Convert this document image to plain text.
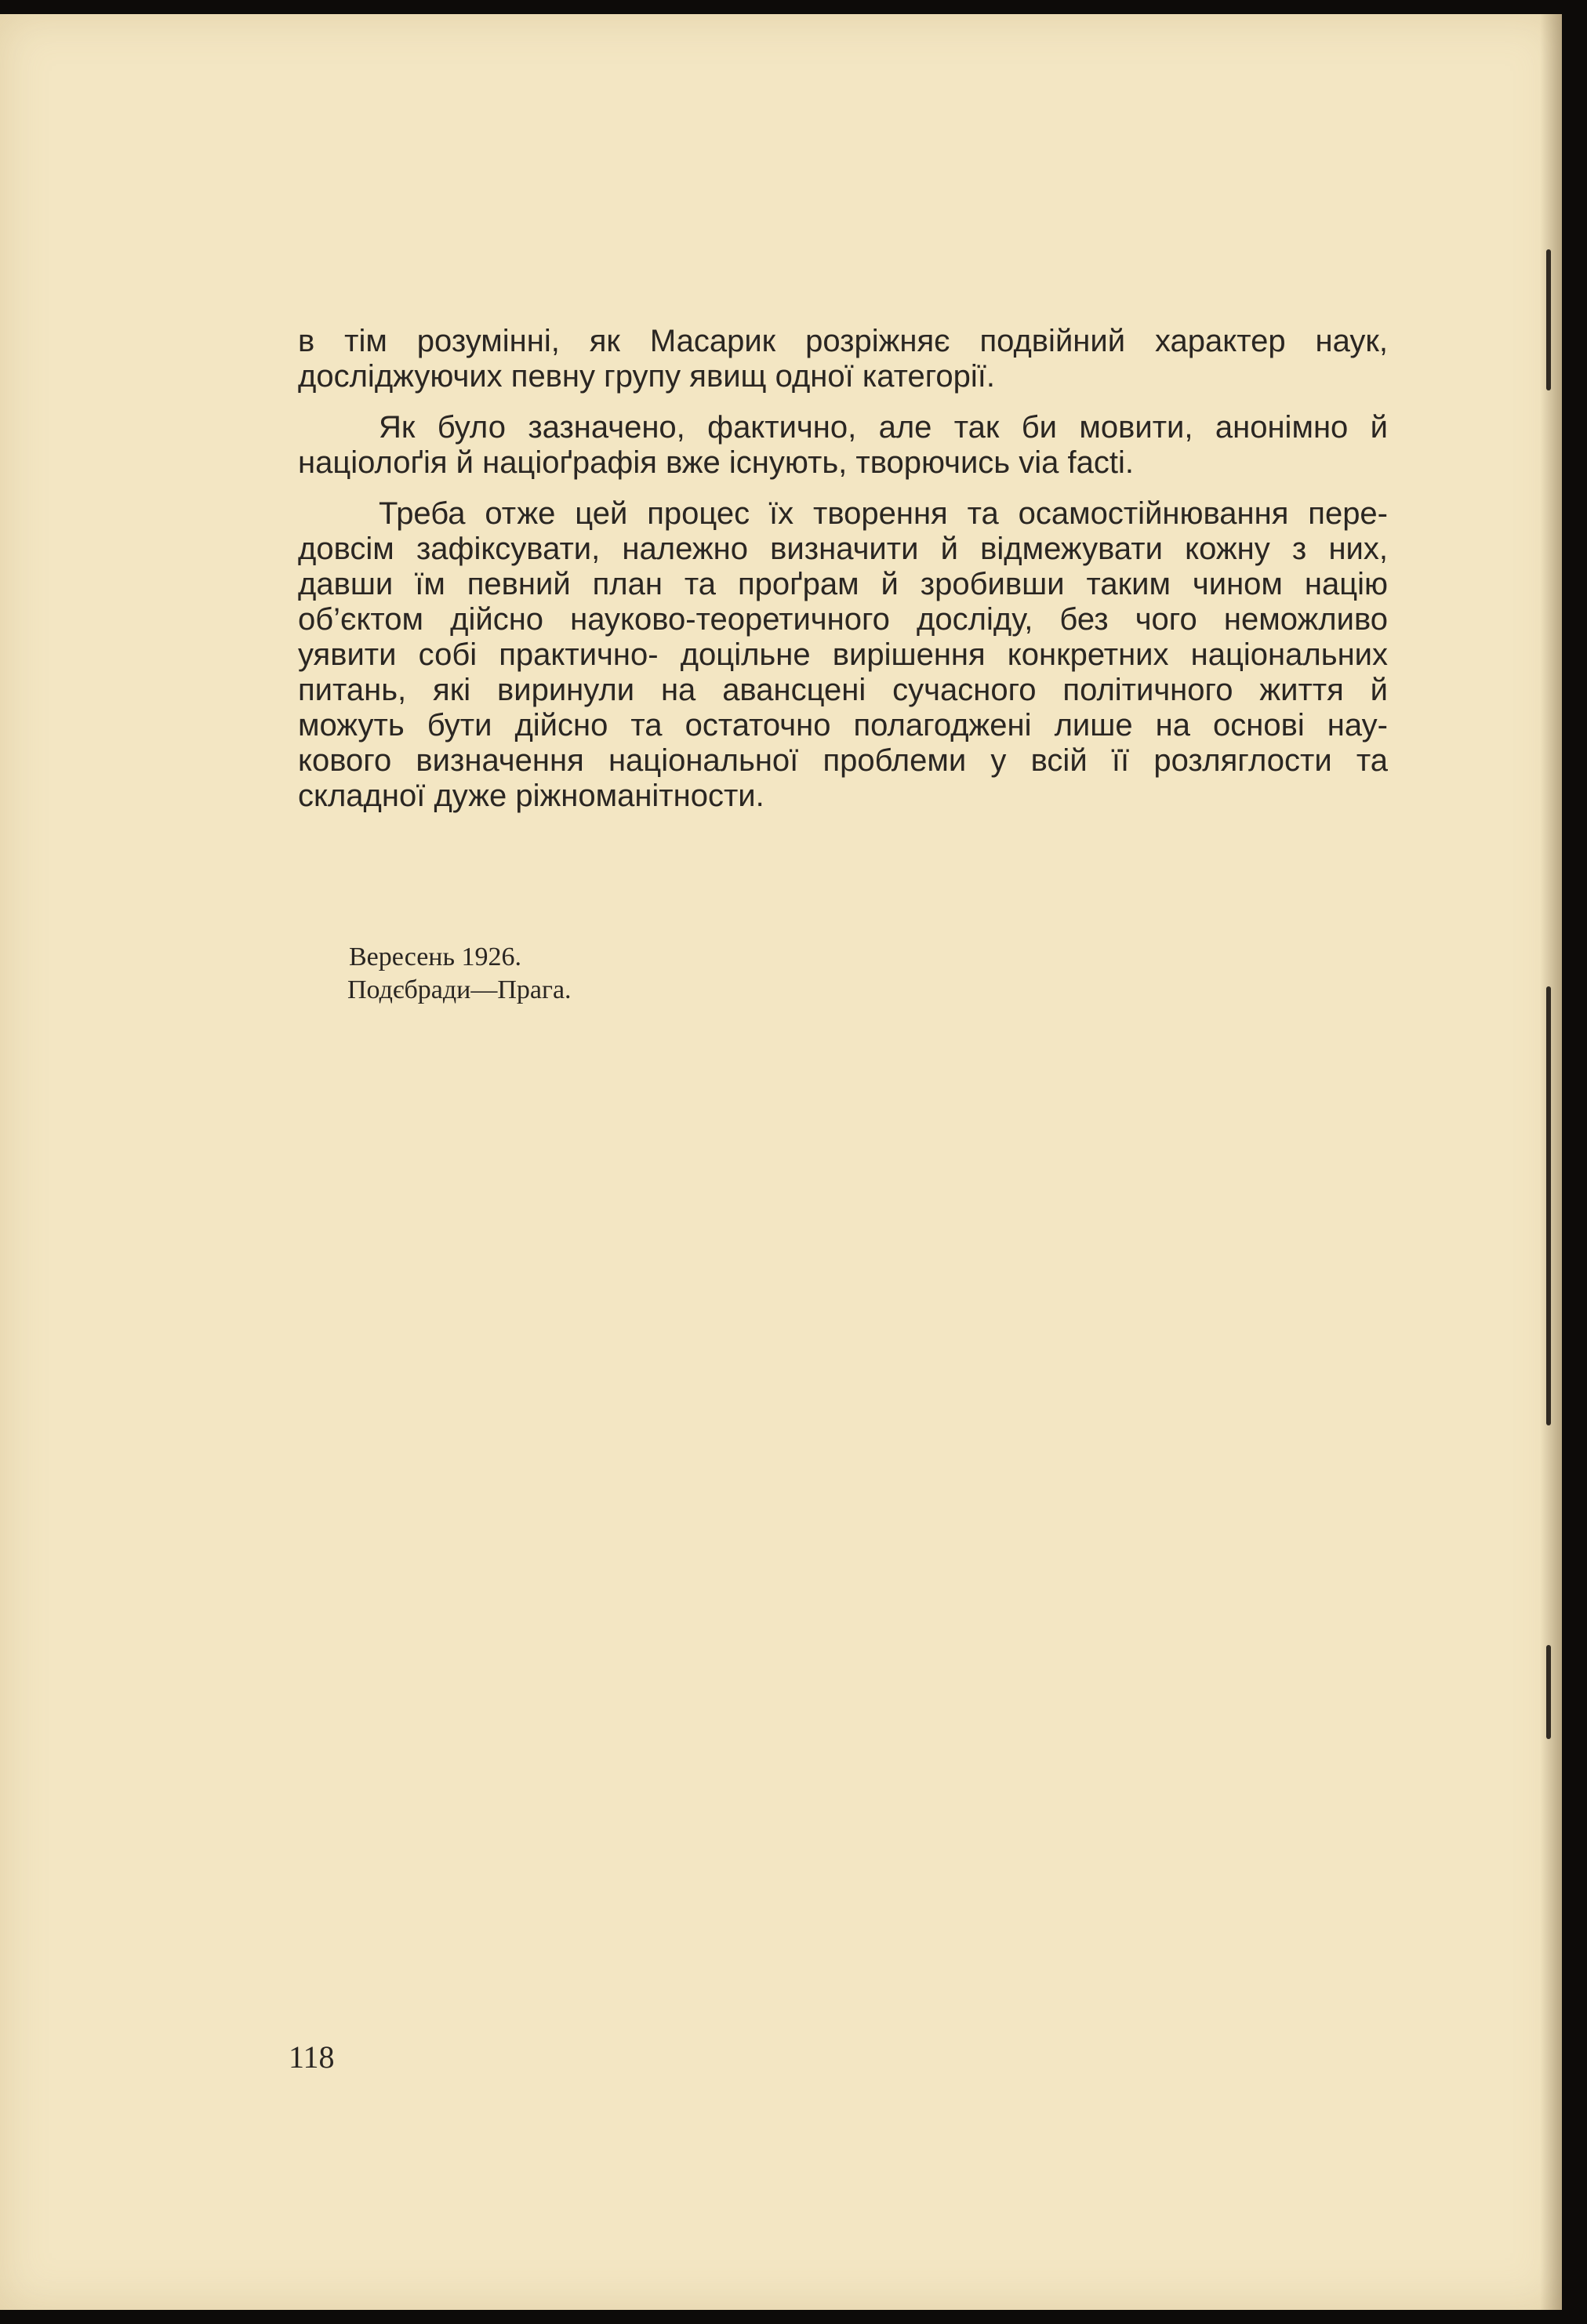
в тім розумінні, як Масарик розріжняє подвійний характер наук,
досліджуючих певну групу явищ одної категорії.

Як було зазначено, фактично, але так би мовити, анонімно й
націолоґія й націоґрафія вже існують, творючись via facti.

Треба отже цей процес їх творення та осамостійнювання пере-
довсім зафіксувати, належно визначити й відмежувати кожну з них,
давши їм певний план та проґрам й зробивши таким чином націю
об’єктом дійсно науково-теоретичного досліду, без чого неможливо
уявити собі практично- доцільне вирішення конкретних національних
питань, які виринули на авансцені сучасного політичного життя й
можуть бути дійсно та остаточно полагоджені лише на основі нау-
кового визначення національної проблеми у всій її розляглости та
складної дуже ріжноманітности.

Вересень 1926.
Подєбради—Прага.
118
